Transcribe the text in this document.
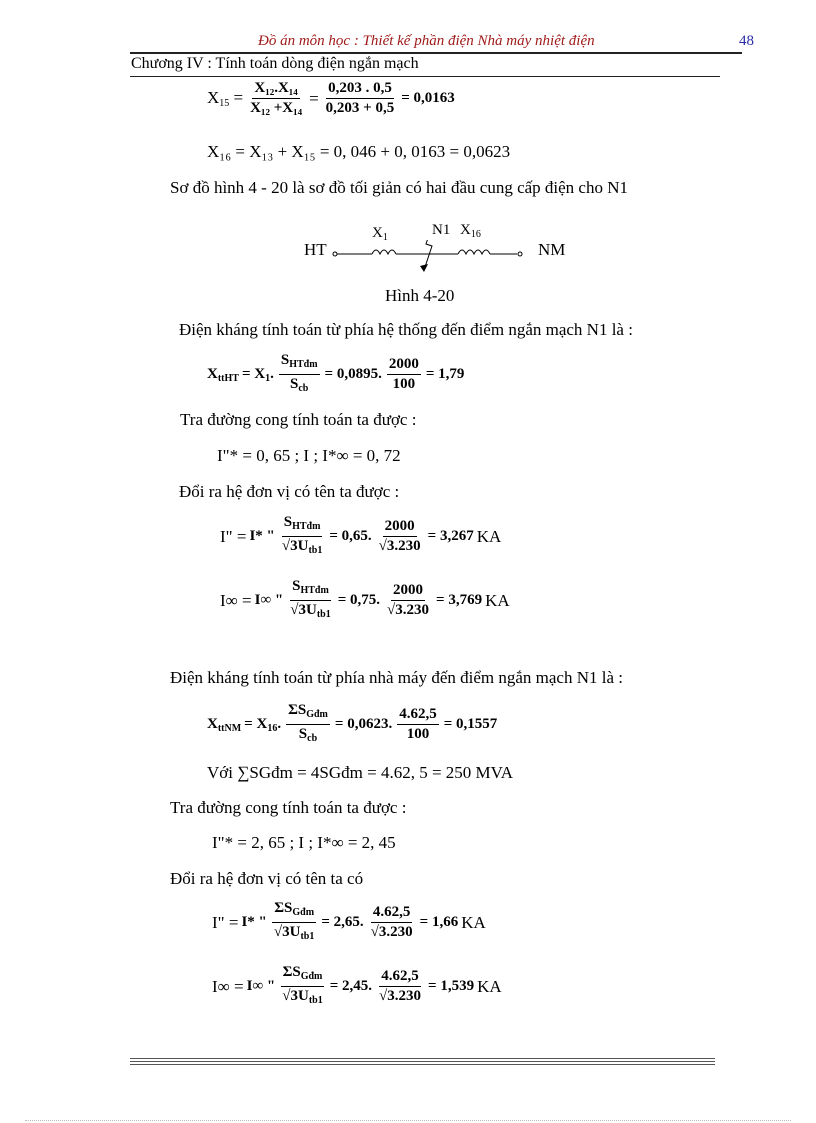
Đồ án môn học : Thiết kế phần điện Nhà máy nhiệt điện	48
Chương IV : Tính toán dòng điện ngắn mạch
$X_{15} = \frac{\text{X₁₂.X₁₄}}{\text{X₁₂ +X₁₄}} = \frac{0,203 . 0,5}{0,203 + 0,5} = 0,0163$
X₁₆ = X₁₃ + X₁₅ = 0, 046 + 0, 0163 = 0,0623
Sơ đồ hình 4 - 20 là sơ đồ tối giản có hai đầu cung cấp điện cho N1
HT	NM
$X_1$	N1 $X_{16}$
Hình 4-20
Điện kháng tính toán từ phía hệ thống đến điểm ngắn mạch N1 là :
$X_{ttHT} = X_1$. $\frac{S_{HTđm}}{S_{cb}} = 0,0895$. $\frac{2000}{100} = 1,79$
Tra đường cong tính toán ta được :
I"* = 0, 65 ; I ; I*∞ = 0, 72
Đổi ra hệ đơn vị có tên ta được :
I" = I* " $\frac{S_{HTđm}}{√3U_{tb1}} = 0,65$. $\frac{2000}{√3.230} = 3,267$ KA
I∞ = I∞ " $\frac{S_{HTđm}}{√3U_{tb1}} = 0,75$. $\frac{2000}{√3.230} = 3,769$ KA
Điện kháng tính toán từ phía nhà máy đến điểm ngắn mạch N1 là :
$X_{ttNM} = X_{16}$. $\frac{\Sigma S_{Gđm}}{S_{cb}} = 0,0623$. $\frac{4.62,5}{100} = 0,1557$
Với ∑SGđm = 4SGđm = 4.62, 5 = 250 MVA
Tra đường cong tính toán ta được :
I"* = 2, 65 ; I ; I*∞ = 2, 45
Đổi ra hệ đơn vị có tên ta có
I" = I* " $\frac{\Sigma S_{Gđm}}{√3U_{tb1}} = 2,65$. $\frac{4.62,5}{√3.230} = 1,66$ KA
I∞ = I∞ " $\frac{\Sigma S_{Gđm}}{√3U_{tb1}} = 2,45$. $\frac{4.62,5}{√3.230} = 1,539$ KA
